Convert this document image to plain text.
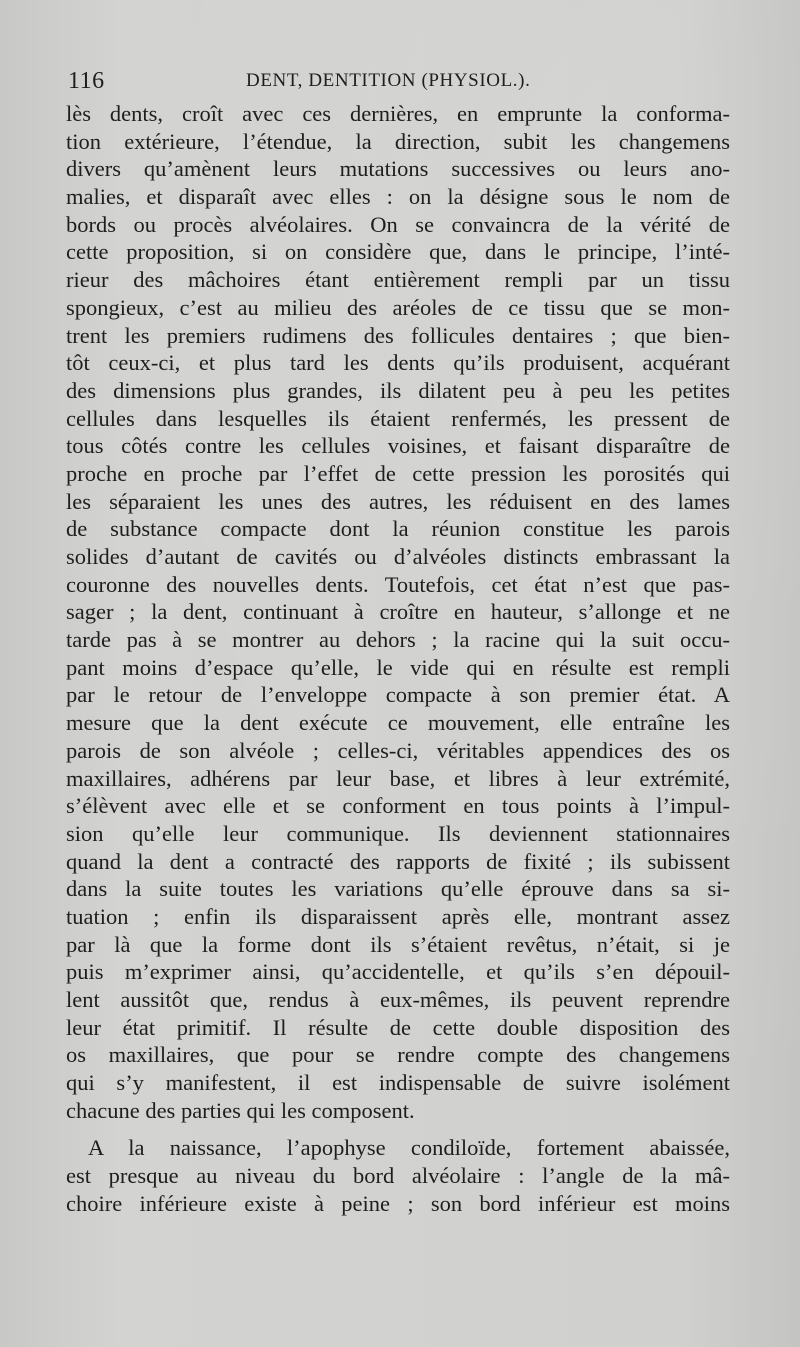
116	DENT, DENTITION (PHYSIOL.).
lès dents, croît avec ces dernières, en emprunte la conforma-
tion extérieure, l’étendue, la direction, subit les changemens
divers qu’amènent leurs mutations successives ou leurs ano-
malies, et disparaît avec elles : on la désigne sous le nom de
bords ou procès alvéolaires. On se convaincra de la vérité de
cette proposition, si on considère que, dans le principe, l’inté-
rieur des mâchoires étant entièrement rempli par un tissu
spongieux, c’est au milieu des aréoles de ce tissu que se mon-
trent les premiers rudimens des follicules dentaires ; que bien-
tôt ceux-ci, et plus tard les dents qu’ils produisent, acquérant
des dimensions plus grandes, ils dilatent peu à peu les petites
cellules dans lesquelles ils étaient renfermés, les pressent de
tous côtés contre les cellules voisines, et faisant disparaître de
proche en proche par l’effet de cette pression les porosités qui
les séparaient les unes des autres, les réduisent en des lames
de substance compacte dont la réunion constitue les parois
solides d’autant de cavités ou d’alvéoles distincts embrassant la
couronne des nouvelles dents. Toutefois, cet état n’est que pas-
sager ; la dent, continuant à croître en hauteur, s’allonge et ne
tarde pas à se montrer au dehors ; la racine qui la suit occu-
pant moins d’espace qu’elle, le vide qui en résulte est rempli
par le retour de l’enveloppe compacte à son premier état. A
mesure que la dent exécute ce mouvement, elle entraîne les
parois de son alvéole ; celles-ci, véritables appendices des os
maxillaires, adhérens par leur base, et libres à leur extrémité,
s’élèvent avec elle et se conforment en tous points à l’impul-
sion qu’elle leur communique. Ils deviennent stationnaires
quand la dent a contracté des rapports de fixité ; ils subissent
dans la suite toutes les variations qu’elle éprouve dans sa si-
tuation ; enfin ils disparaissent après elle, montrant assez
par là que la forme dont ils s’étaient revêtus, n’était, si je
puis m’exprimer ainsi, qu’accidentelle, et qu’ils s’en dépouil-
lent aussitôt que, rendus à eux-mêmes, ils peuvent reprendre
leur état primitif. Il résulte de cette double disposition des
os maxillaires, que pour se rendre compte des changemens
qui s’y manifestent, il est indispensable de suivre isolément
chacune des parties qui les composent.
A la naissance, l’apophyse condiloïde, fortement abaissée,
est presque au niveau du bord alvéolaire : l’angle de la mâ-
choire inférieure existe à peine ; son bord inférieur est moins
